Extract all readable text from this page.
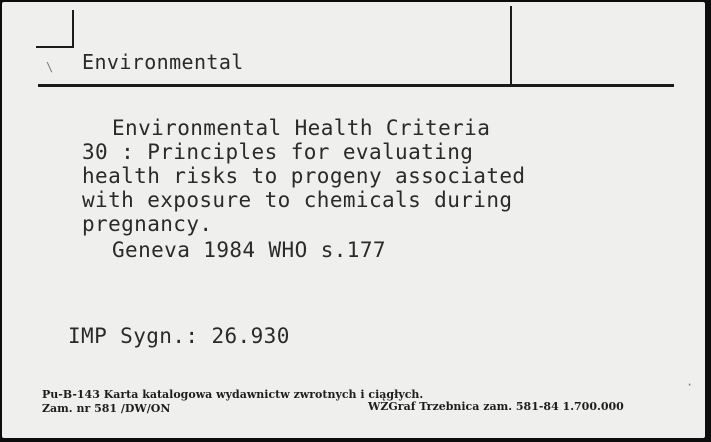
Environmental
Environmental Health Criteria
30 : Principles for evaluating
health risks to progeny associated
with exposure to chemicals during
pregnancy.
Geneva 1984 WHO s.177
IMP Sygn.: 26.930
Pu-B-143 Karta katalogowa wydawnictw zwrotnych i ciągłych.
Zam. nr 581 /DW/ON	WZGraf Trzebnica zam. 581-84 1.700.000
\
·
